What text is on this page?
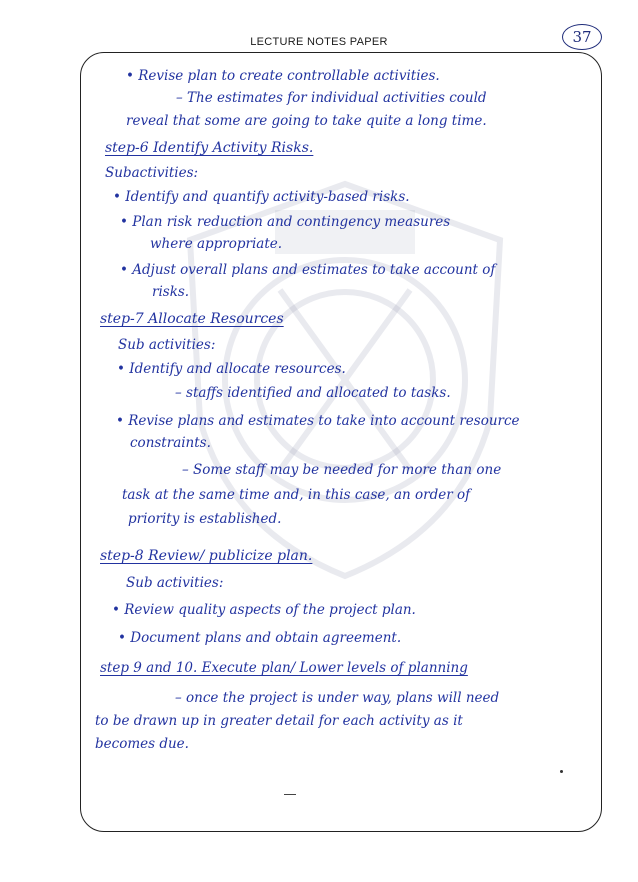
LECTURE NOTES PAPER	37
• Revise plan to create controllable activities.
– The estimates for individual activities could
reveal that some are going to take quite a long time.
step-6 Identify Activity Risks.
Subactivities:
• Identify and quantify activity-based risks.
• Plan risk reduction and contingency measures
where appropriate.
• Adjust overall plans and estimates to take account of
risks.
step-7 Allocate Resources
Sub activities:
• Identify and allocate resources.
– staffs identified and allocated to tasks.
• Revise plans and estimates to take into account resource
constraints.
– Some staff may be needed for more than one
task at the same time and, in this case, an order of
priority is established.
step-8 Review/ publicize plan.
Sub activities:
• Review quality aspects of the project plan.
• Document plans and obtain agreement.
step 9 and 10. Execute plan/ Lower levels of planning
– once the project is under way, plans will need
to be drawn up in greater detail for each activity as it
becomes due.
